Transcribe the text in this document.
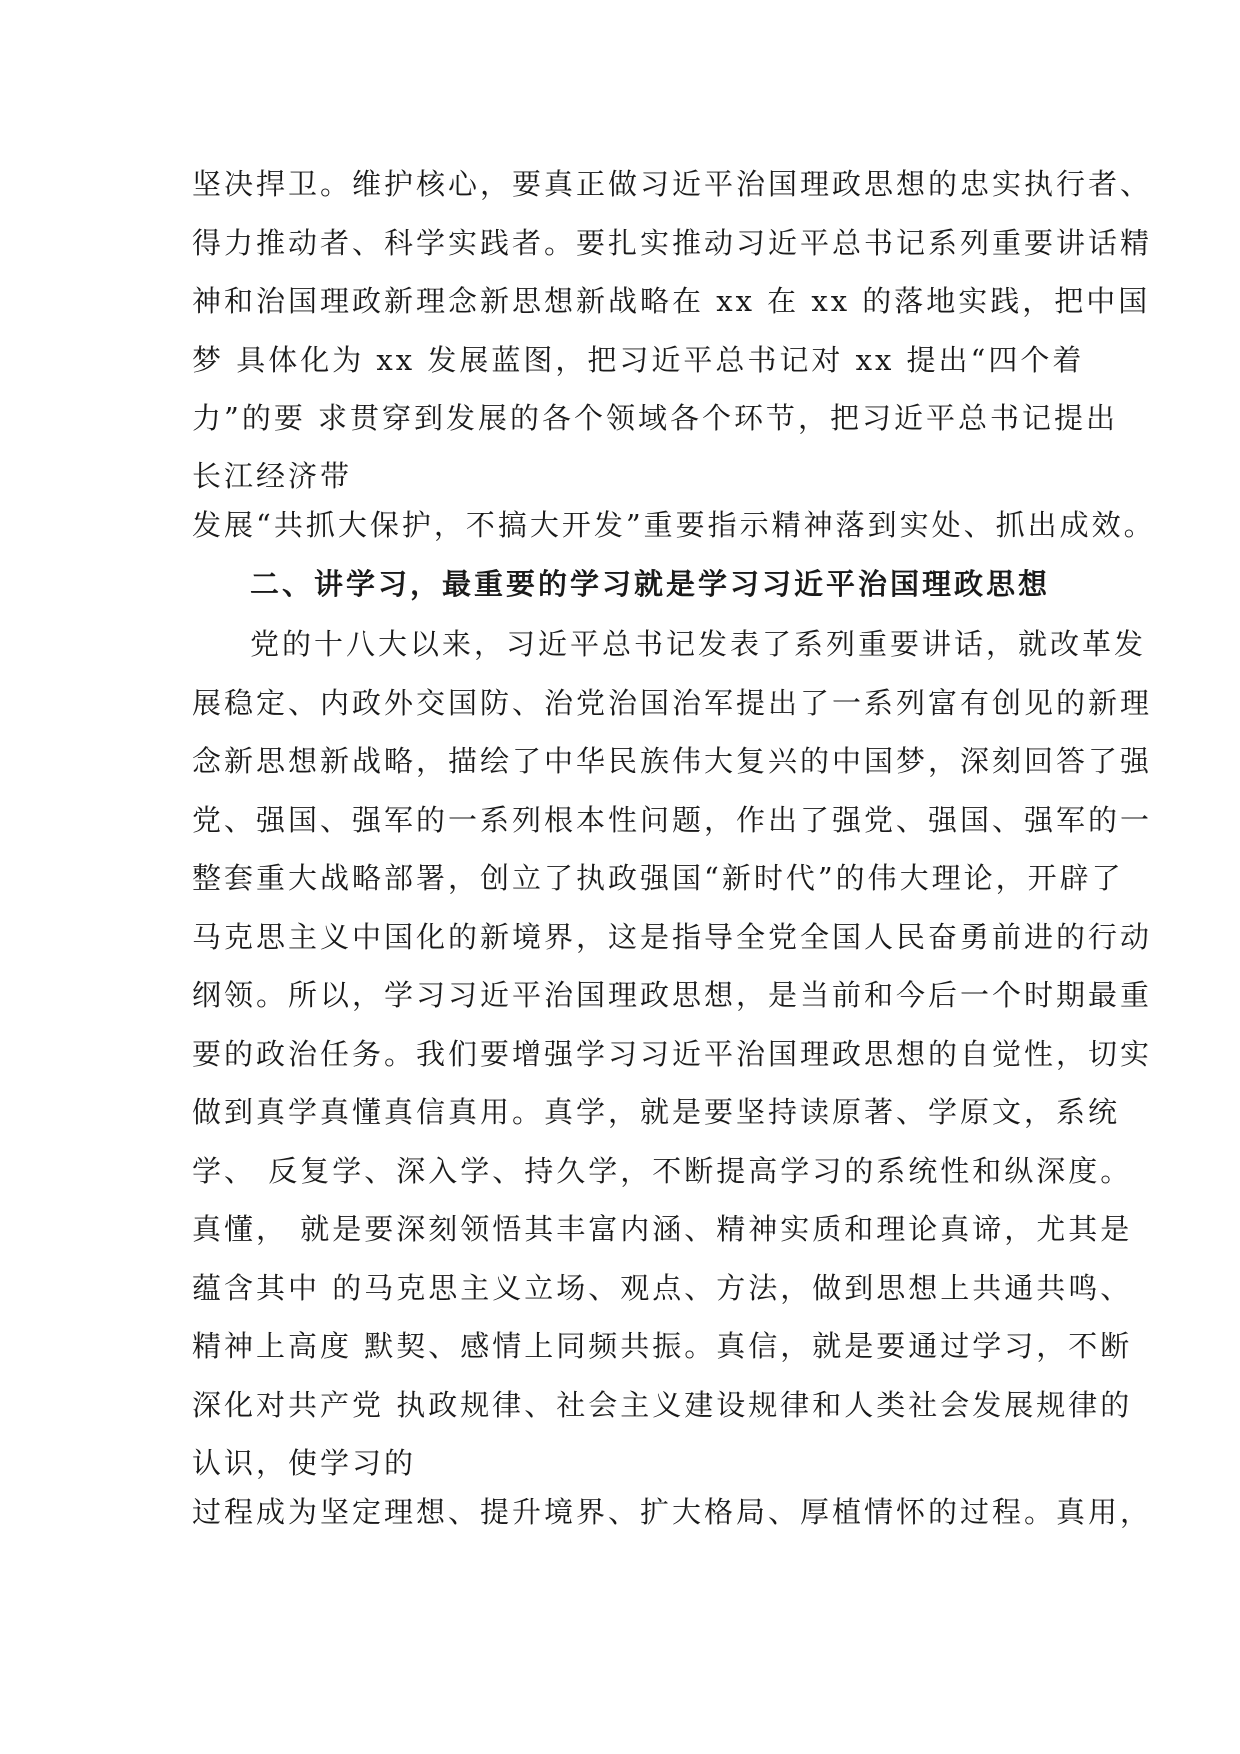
坚决捍卫。维护核心，要真正做习近平治国理政思想的忠实执行者、
得力推动者、科学实践者。要扎实推动习近平总书记系列重要讲话精
神和治国理政新理念新思想新战略在 xx 在 xx 的落地实践，把中国
梦 具体化为 xx 发展蓝图，把习近平总书记对 xx 提出“四个着
力”的要 求贯穿到发展的各个领域各个环节，把习近平总书记提出
长江经济带
发展“共抓大保护，不搞大开发”重要指示精神落到实处、抓出成效。
二、讲学习，最重要的学习就是学习习近平治国理政思想
党的十八大以来，习近平总书记发表了系列重要讲话，就改革发
展稳定、内政外交国防、治党治国治军提出了一系列富有创见的新理
念新思想新战略，描绘了中华民族伟大复兴的中国梦，深刻回答了强
党、强国、强军的一系列根本性问题，作出了强党、强国、强军的一
整套重大战略部署，创立了执政强国“新时代”的伟大理论，开辟了
马克思主义中国化的新境界，这是指导全党全国人民奋勇前进的行动
纲领。所以，学习习近平治国理政思想，是当前和今后一个时期最重
要的政治任务。我们要增强学习习近平治国理政思想的自觉性，切实
做到真学真懂真信真用。真学，就是要坚持读原著、学原文，系统
学、 反复学、深入学、持久学，不断提高学习的系统性和纵深度。
真懂， 就是要深刻领悟其丰富内涵、精神实质和理论真谛，尤其是
蕴含其中 的马克思主义立场、观点、方法，做到思想上共通共鸣、
精神上高度 默契、感情上同频共振。真信，就是要通过学习，不断
深化对共产党 执政规律、社会主义建设规律和人类社会发展规律的
认识，使学习的
过程成为坚定理想、提升境界、扩大格局、厚植情怀的过程。真用，
